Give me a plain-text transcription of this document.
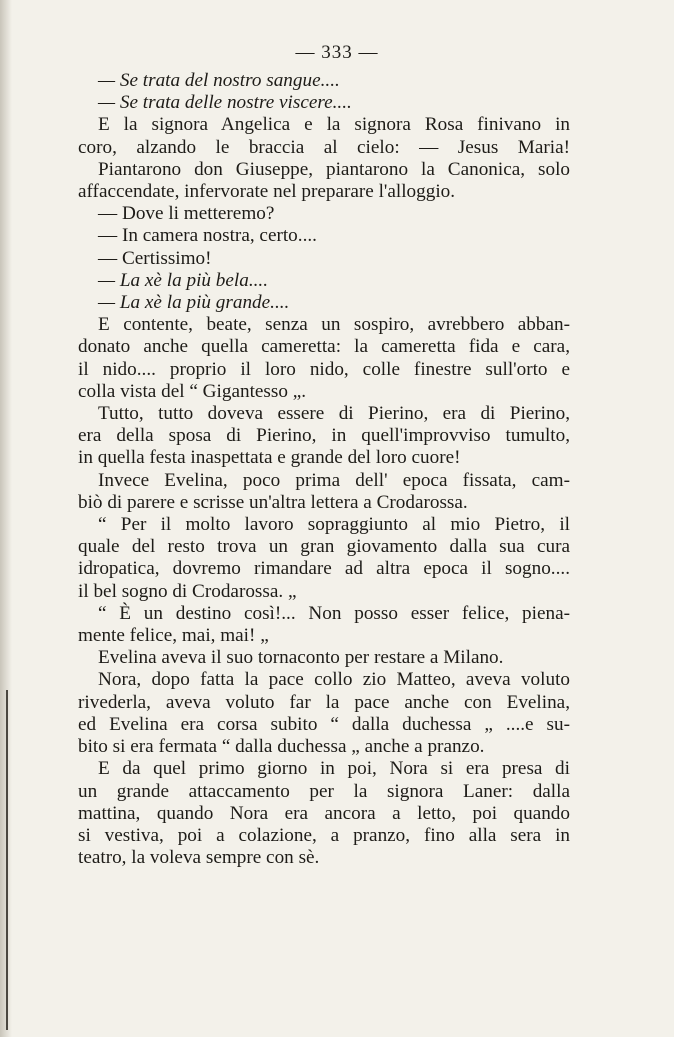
— 333 —
— Se trata del nostro sangue....
— Se trata delle nostre viscere....
E la signora Angelica e la signora Rosa finivano in
coro, alzando le braccia al cielo: — Jesus Maria!
Piantarono don Giuseppe, piantarono la Canonica, solo
affaccendate, infervorate nel preparare l'alloggio.
— Dove li metteremo?
— In camera nostra, certo....
— Certissimo!
— La xè la più bela....
— La xè la più grande....
E contente, beate, senza un sospiro, avrebbero abban-
donato anche quella cameretta: la cameretta fida e cara,
il nido.... proprio il loro nido, colle finestre sull'orto e
colla vista del “ Gigantesso „.
Tutto, tutto doveva essere di Pierino, era di Pierino,
era della sposa di Pierino, in quell'improvviso tumulto,
in quella festa inaspettata e grande del loro cuore!
Invece Evelina, poco prima dell' epoca fissata, cam-
biò di parere e scrisse un'altra lettera a Crodarossa.
“ Per il molto lavoro sopraggiunto al mio Pietro, il
quale del resto trova un gran giovamento dalla sua cura
idropatica, dovremo rimandare ad altra epoca il sogno....
il bel sogno di Crodarossa. „
“ È un destino così!... Non posso esser felice, piena-
mente felice, mai, mai! „
Evelina aveva il suo tornaconto per restare a Milano.
Nora, dopo fatta la pace collo zio Matteo, aveva voluto
rivederla, aveva voluto far la pace anche con Evelina,
ed Evelina era corsa subito “ dalla duchessa „ ....e su-
bito si era fermata “ dalla duchessa „ anche a pranzo.
E da quel primo giorno in poi, Nora si era presa di
un grande attaccamento per la signora Laner: dalla
mattina, quando Nora era ancora a letto, poi quando
si vestiva, poi a colazione, a pranzo, fino alla sera in
teatro, la voleva sempre con sè.
